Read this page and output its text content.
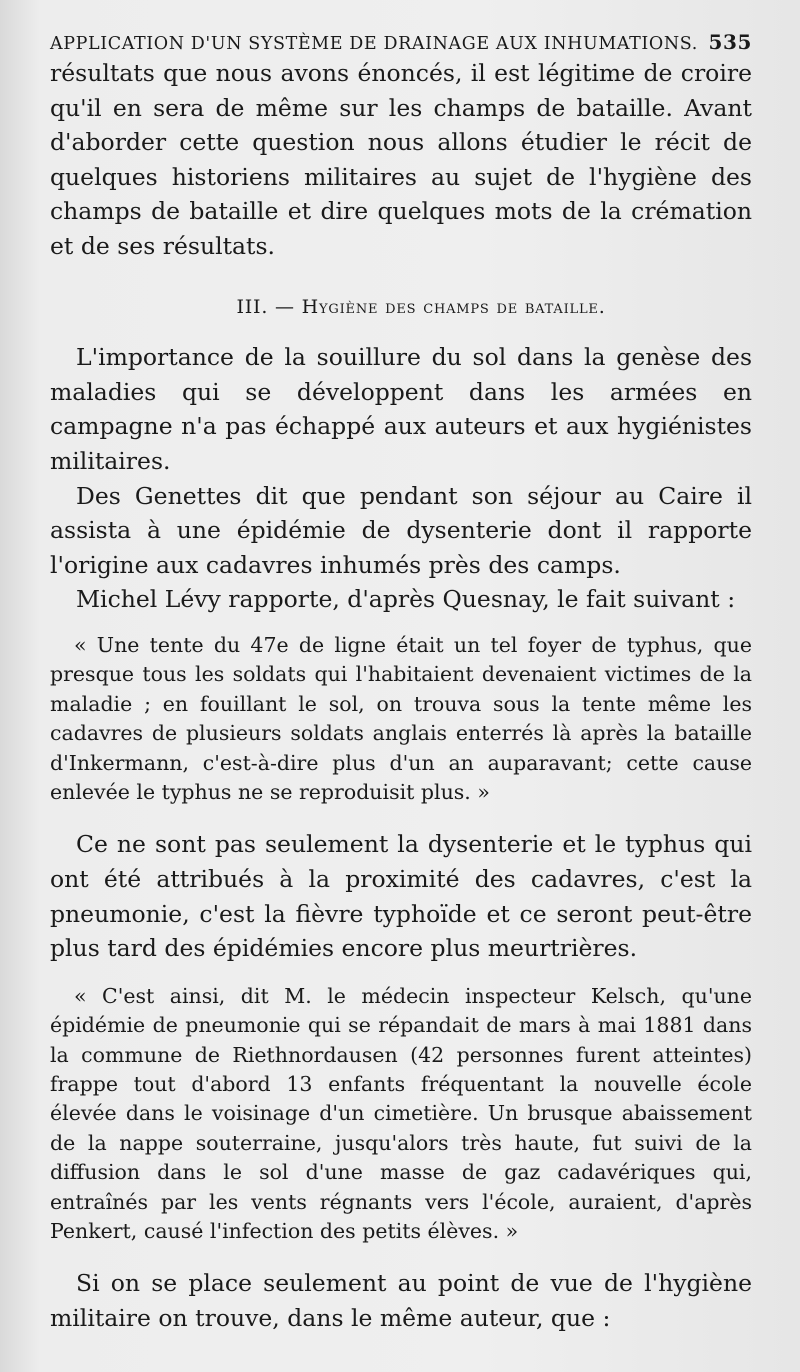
APPLICATION D'UN SYSTÈME DE DRAINAGE AUX INHUMATIONS. 535

résultats que nous avons énoncés, il est légitime de croire qu'il en sera de même sur les champs de bataille. Avant d'aborder cette question nous allons étudier le récit de quelques historiens militaires au sujet de l'hygiène des champs de bataille et dire quelques mots de la crémation et de ses résultats.

III. — Hygiène des champs de bataille.

L'importance de la souillure du sol dans la genèse des maladies qui se développent dans les armées en campagne n'a pas échappé aux auteurs et aux hygiénistes militaires.

Des Genettes dit que pendant son séjour au Caire il assista à une épidémie de dysenterie dont il rapporte l'origine aux cadavres inhumés près des camps.

Michel Lévy rapporte, d'après Quesnay, le fait suivant :

« Une tente du 47e de ligne était un tel foyer de typhus, que presque tous les soldats qui l'habitaient devenaient victimes de la maladie ; en fouillant le sol, on trouva sous la tente même les cadavres de plusieurs soldats anglais enterrés là après la bataille d'Inkermann, c'est-à-dire plus d'un an auparavant; cette cause enlevée le typhus ne se reproduisit plus. »

Ce ne sont pas seulement la dysenterie et le typhus qui ont été attribués à la proximité des cadavres, c'est la pneumonie, c'est la fièvre typhoïde et ce seront peut-être plus tard des épidémies encore plus meurtrières.

« C'est ainsi, dit M. le médecin inspecteur Kelsch, qu'une épidémie de pneumonie qui se répandait de mars à mai 1881 dans la commune de Riethnordausen (42 personnes furent atteintes) frappe tout d'abord 13 enfants fréquentant la nouvelle école élevée dans le voisinage d'un cimetière. Un brusque abaissement de la nappe souterraine, jusqu'alors très haute, fut suivi de la diffusion dans le sol d'une masse de gaz cadavériques qui, entraînés par les vents régnants vers l'école, auraient, d'après Penkert, causé l'infection des petits élèves. »

Si on se place seulement au point de vue de l'hygiène militaire on trouve, dans le même auteur, que :
